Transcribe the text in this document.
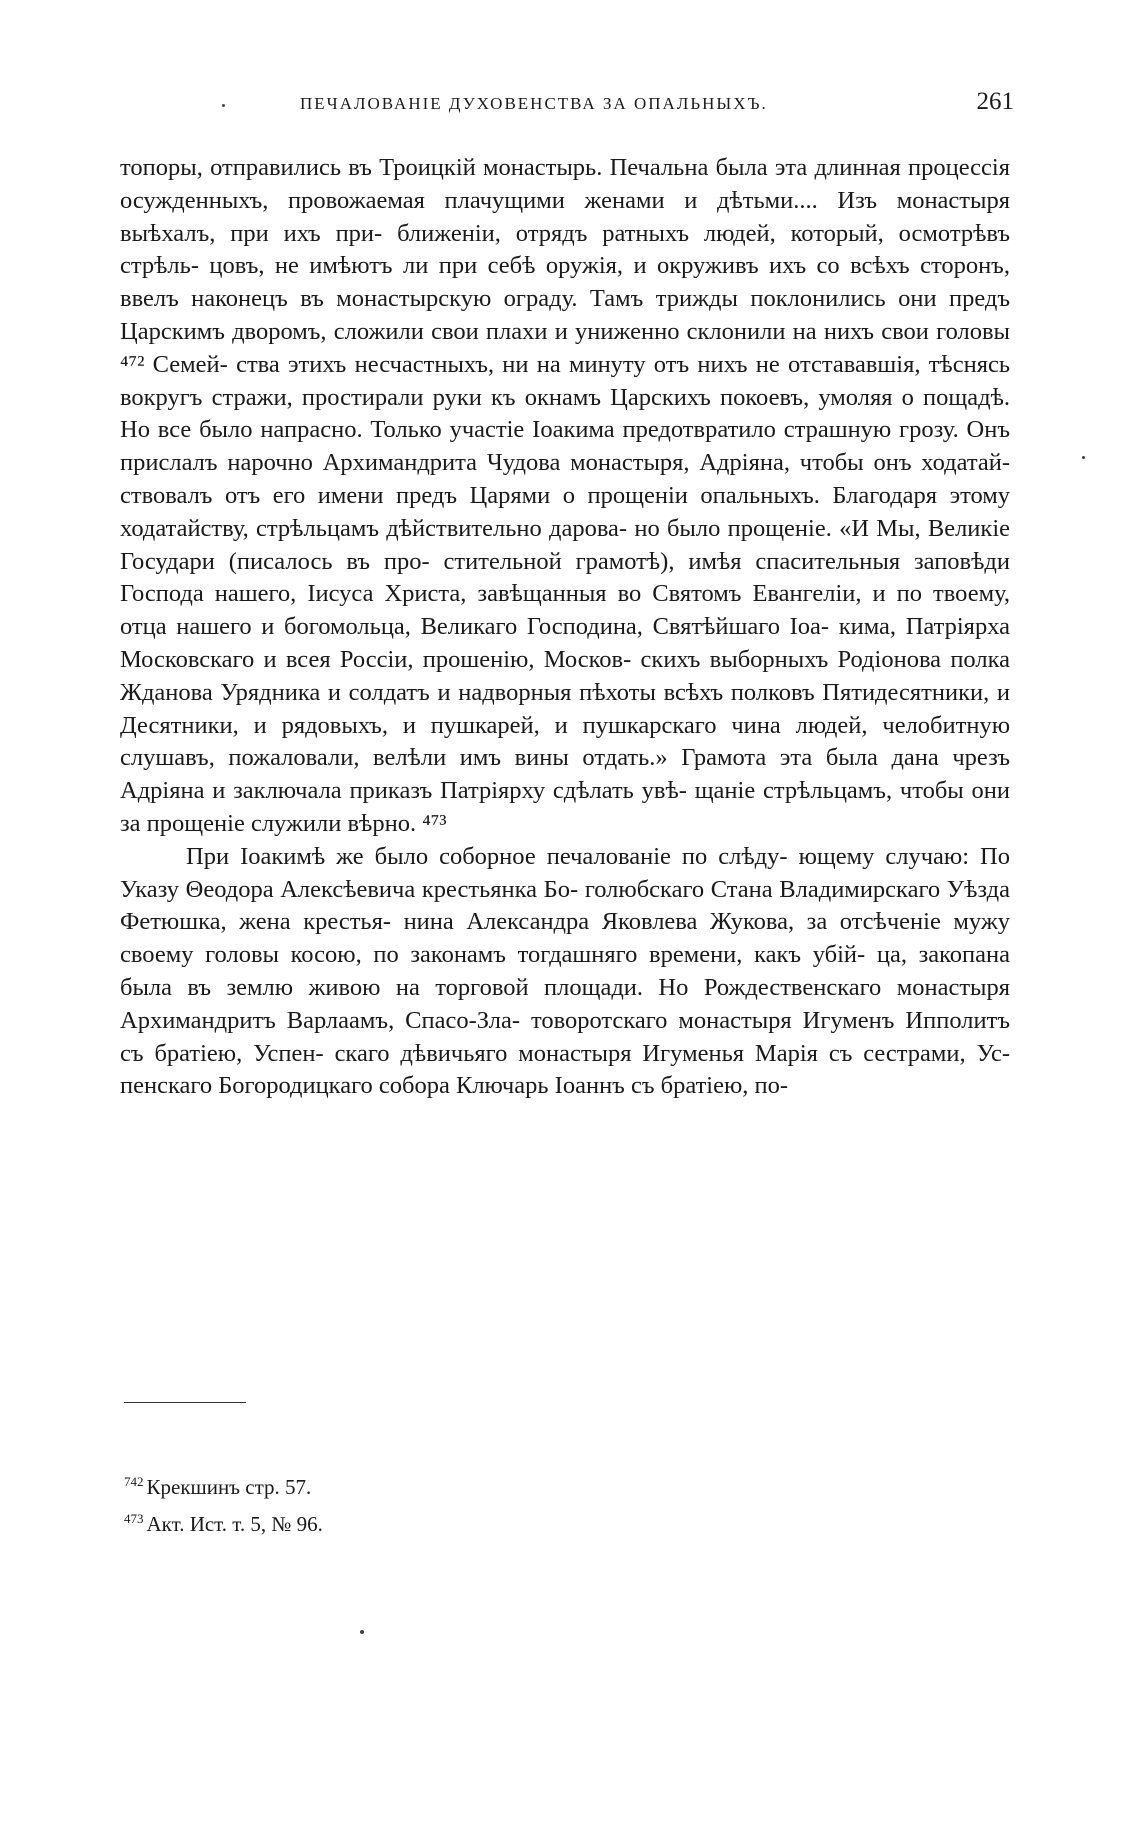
ПЕЧАЛОВАНIЕ ДУХОВЕНСТВА ЗА ОПАЛЬНЫХЪ.	261

топоры, отправились въ Троицкiй монастырь. Печальна была эта длинная процессiя осужденныхъ, провожаемая плачущими женами и дѣтьми.... Изъ монастыря выѣхалъ, при ихъ при- ближенiи, отрядъ ратныхъ людей, который, осмотрѣвъ стрѣль- цовъ, не имѣютъ ли при себѣ оружiя, и окруживъ ихъ со всѣхъ сторонъ, ввелъ наконецъ въ монастырскую ограду. Тамъ трижды поклонились они предъ Царскимъ дворомъ, сложили свои плахи и униженно склонили на нихъ свои головы ⁴⁷² Семей- ства этихъ несчастныхъ, ни на минуту отъ нихъ не отстававшiя, тѣснясь вокругъ стражи, простирали руки къ окнамъ Царскихъ покоевъ, умоляя о пощадѣ. Но все было напрасно. Только участiе Iоакима предотвратило страшную грозу. Онъ прислалъ нарочно Архимандрита Чудова монастыря, Адрiяна, чтобы онъ ходатай- ствовалъ отъ его имени предъ Царями о прощенiи опальныхъ. Благодаря этому ходатайству, стрѣльцамъ дѣйствительно дарова- но было прощенiе. «И Мы, Великiе Государи (писалось въ про- стительной грамотѣ), имѣя спасительныя заповѣди Господа нашего, Iисуса Христа, завѣщанныя во Святомъ Евангелiи, и по твоему, отца нашего и богомольца, Великаго Господина, Святѣйшаго Iоа- кима, Патрiярха Московскаго и всея Россiи, прошенiю, Москов- скихъ выборныхъ Родiонова полка Жданова Урядника и солдатъ и надворныя пѣхоты всѣхъ полковъ Пятидесятники, и Десятники, и рядовыхъ, и пушкарей, и пушкарскаго чина людей, челобитную слушавъ, пожаловали, велѣли имъ вины отдать.» Грамота эта была дана чрезъ Адрiяна и заключала приказъ Патрiярху сдѣлать увѣ- щанiе стрѣльцамъ, чтобы они за прощенiе служили вѣрно. ⁴⁷³

При Iоакимѣ же было соборное печалованiе по слѣду- ющему случаю: По Указу Θеодора Алексѣевича крестьянка Бо- голюбскаго Стана Владимирскаго Уѣзда Фетюшка, жена крестья- нина Александра Яковлева Жукова, за отсѣченiе мужу своему головы косою, по законамъ тогдашняго времени, какъ убiй- ца, закопана была въ землю живою на торговой площади. Но Рождественскаго монастыря Архимандритъ Варлаамъ, Спасо-Зла- товоротскаго монастыря Игуменъ Ипполитъ съ братiею, Успен- скаго дѣвичьяго монастыря Игуменья Марiя съ сестрами, Ус- пенскаго Богородицкаго собора Ключарь Iоаннъ съ братiею, по-

$^{742}$ Крекшинъ стр. 57.
$^{473}$ Акт. Ист. т. 5, № 96.
